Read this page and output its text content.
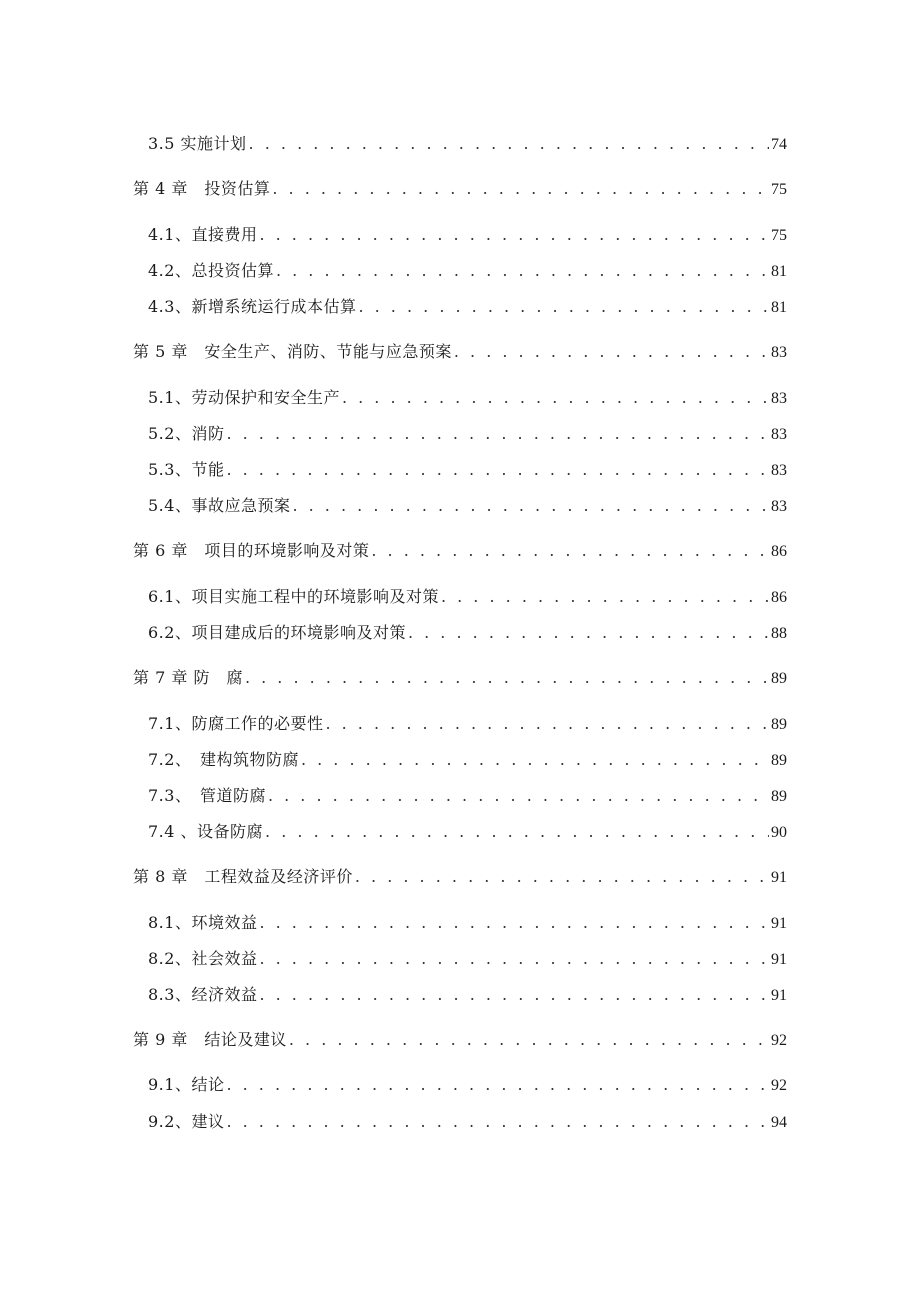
3.5 实施计划 . . .	74
第 4 章　投资估算 . . .	75
4.1、直接费用 . . .	75
4.2、总投资估算 . . .	81
4.3、新增系统运行成本估算 . . .	81
第 5 章　安全生产、消防、节能与应急预案 . . .	83
5.1、劳动保护和安全生产 . . .	83
5.2、消防 . . .	83
5.3、节能 . . .	83
5.4、事故应急预案 . . .	83
第 6 章　项目的环境影响及对策 . . .	86
6.1、项目实施工程中的环境影响及对策 . . .	86
6.2、项目建成后的环境影响及对策 . . .	88
第 7 章 防　腐 . . .	89
7.1、防腐工作的必要性 . . .	89
7.2、　建构筑物防腐 . . .	89
7.3、　管道防腐 . . .	89
7.4 、设备防腐 . . .	90
第 8 章　工程效益及经济评价 . . .	91
8.1、环境效益 . . .	91
8.2、社会效益 . . .	91
8.3、经济效益 . . .	91
第 9 章　结论及建议 . . .	92
9.1、结论 . . .	92
9.2、建议 . . .	94
